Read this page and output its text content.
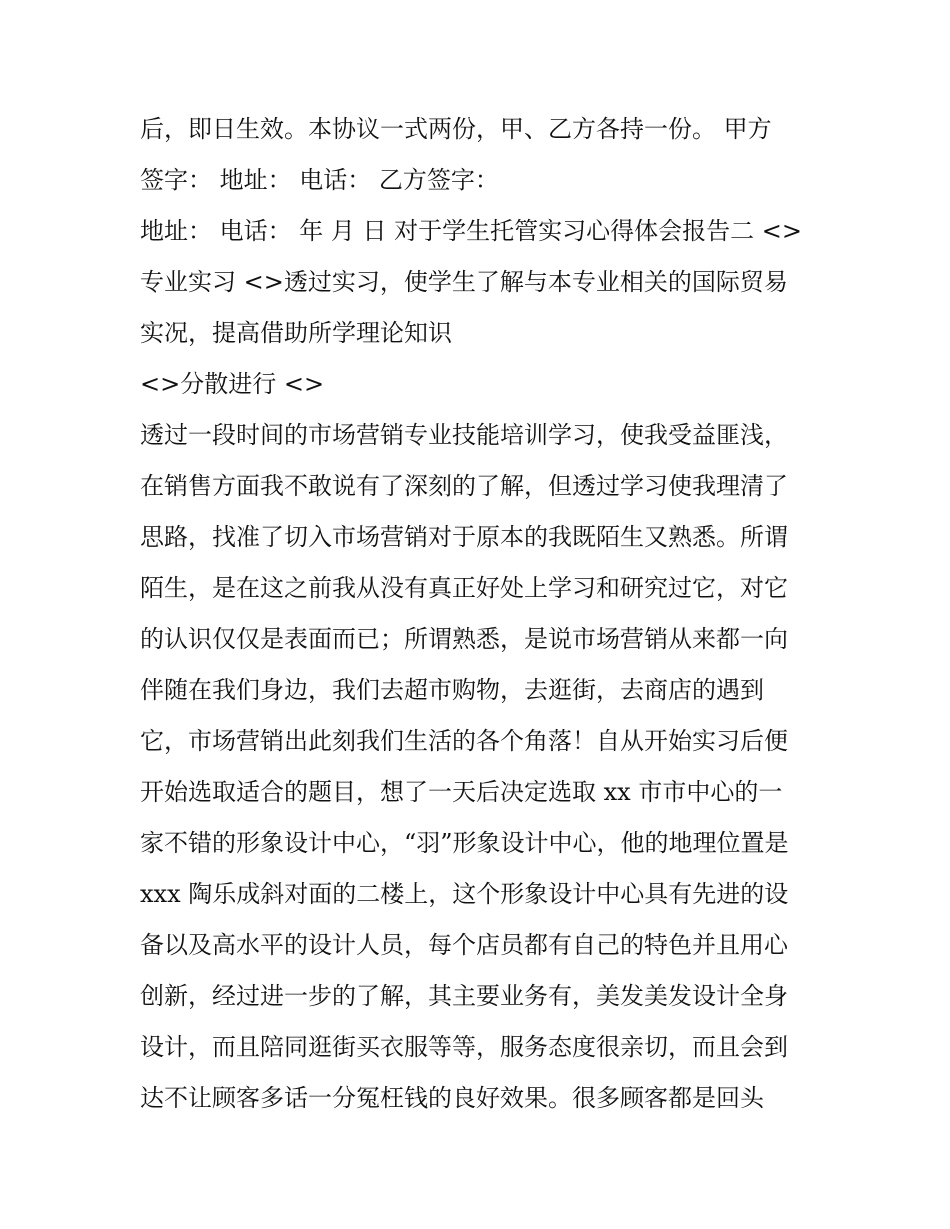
后，即日生效。本协议一式两份，甲、乙方各持一份。 甲方
签字： 地址： 电话： 乙方签字：
地址： 电话： 年 月 日 对于学生托管实习心得体会报告二 <>
专业实习 <>透过实习，使学生了解与本专业相关的国际贸易
实况，提高借助所学理论知识
<>分散进行 <>
透过一段时间的市场营销专业技能培训学习，使我受益匪浅，
在销售方面我不敢说有了深刻的了解，但透过学习使我理清了
思路，找准了切入市场营销对于原本的我既陌生又熟悉。所谓
陌生，是在这之前我从没有真正好处上学习和研究过它，对它
的认识仅仅是表面而已；所谓熟悉，是说市场营销从来都一向
伴随在我们身边，我们去超市购物，去逛街，去商店的遇到
它，市场营销出此刻我们生活的各个角落！自从开始实习后便
开始选取适合的题目，想了一天后决定选取 xx 市市中心的一
家不错的形象设计中心，“羽”形象设计中心，他的地理位置是
xxx 陶乐成斜对面的二楼上，这个形象设计中心具有先进的设
备以及高水平的设计人员，每个店员都有自己的特色并且用心
创新，经过进一步的了解，其主要业务有，美发美发设计全身
设计，而且陪同逛街买衣服等等，服务态度很亲切，而且会到
达不让顾客多话一分冤枉钱的良好效果。很多顾客都是回头
